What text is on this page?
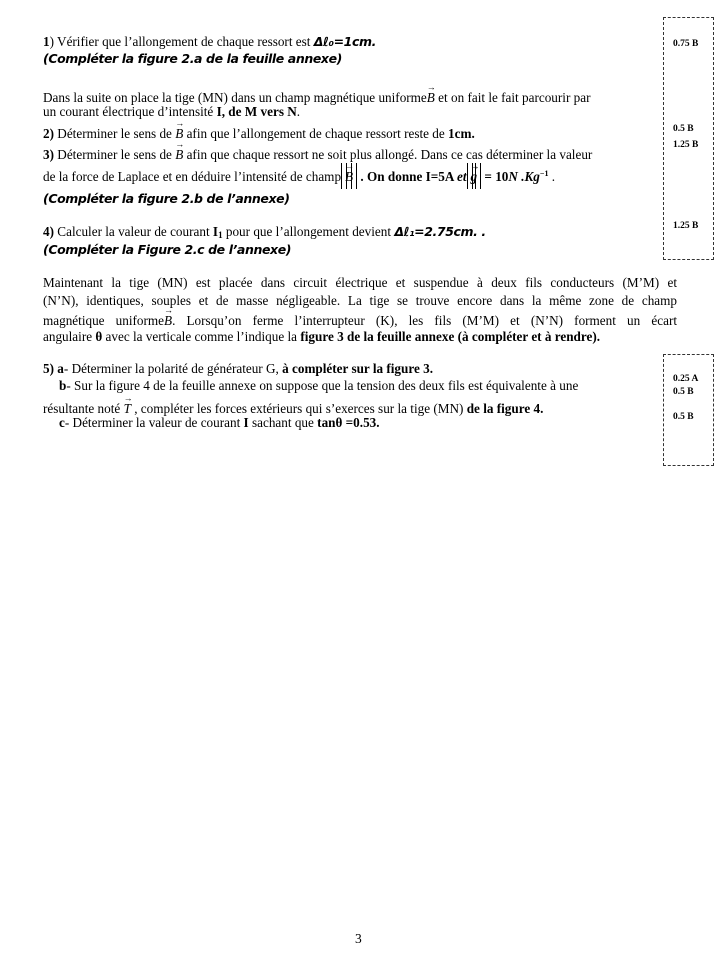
1) Vérifier que l’allongement de chaque ressort est Δℓ₀=1cm.
(Compléter la figure 2.a de la feuille annexe)
Dans la suite on place la tige (MN) dans un champ magnétique uniforme→ B et on fait le fait parcourir par
un courant électrique d’intensité I, de M vers N.
2) Déterminer le sens de → B afin que l’allongement de chaque ressort reste de 1cm.
3) Déterminer le sens de → B afin que chaque ressort ne soit plus allongé. Dans ce cas déterminer la valeur
de la force de Laplace et en déduire l’intensité de champ → B . On donne I=5A et → g = 10N $.Kg^{-1}$ .
(Compléter la figure 2.b de l’annexe)
4) Calculer la valeur de courant $I_1$ pour que l’allongement devient Δℓ₁=2.75cm. .
(Compléter la Figure 2.c de l’annexe)
Maintenant la tige (MN) est placée dans circuit électrique et suspendue à deux fils conducteurs (M’M) et
(N’N), identiques, souples et de masse négligeable. La tige se trouve encore dans la même zone de champ
magnétique uniforme→ B. Lorsqu’on ferme l’interrupteur (K), les fils (M’M) et (N’N) forment un écart
angulaire θ avec la verticale comme l’indique la figure 3 de la feuille annexe (à compléter et à rendre).
5) a- Déterminer la polarité de générateur G, à compléter sur la figure 3.
b- Sur la figure 4 de la feuille annexe on suppose que la tension des deux fils est équivalente à une
résultante noté → T , compléter les forces extérieurs qui s’exerces sur la tige (MN) de la figure 4.
c- Déterminer la valeur de courant I sachant que tanθ =0.53.
0.75 B
0.5 B
1.25 B
1.25 B
0.25 A
0.5 B
0.5 B
3
